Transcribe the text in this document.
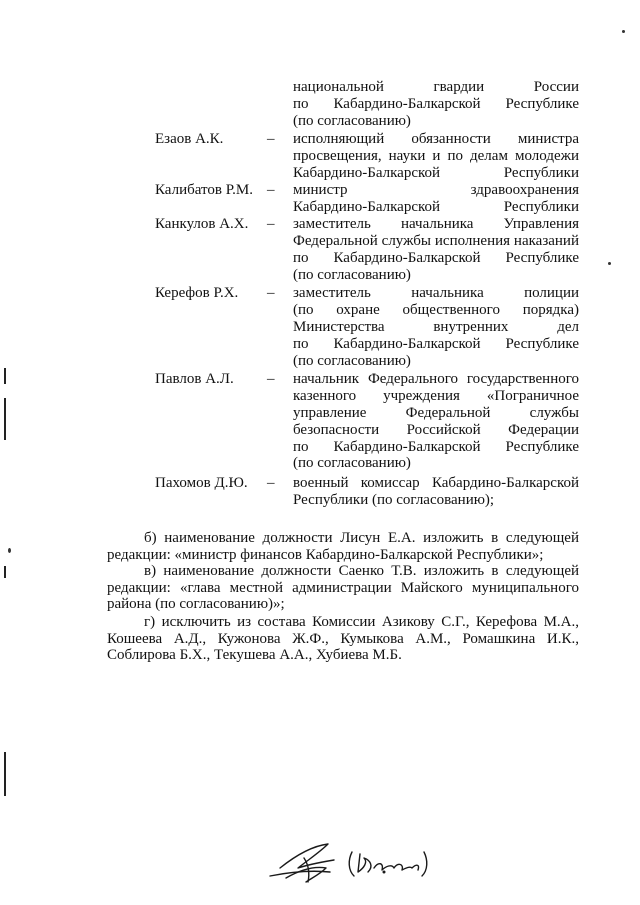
национальной гвардии России
по Кабардино-Балкарской Республике
(по согласованию)
Езаов А.К.	– исполняющий обязанности министра
просвещения, науки и по делам молодежи
Кабардино-Балкарской Республики
Калибатов Р.М. – министр здравоохранения
Кабардино-Балкарской Республики
Канкулов А.Х. – заместитель начальника Управления
Федеральной службы исполнения наказаний
по Кабардино-Балкарской Республике
(по согласованию)
Керефов Р.Х. – заместитель начальника полиции
(по охране общественного порядка)
Министерства внутренних дел
по Кабардино-Балкарской Республике
(по согласованию)
Павлов А.Л. – начальник Федерального государственного
казенного учреждения «Пограничное
управление Федеральной службы
безопасности Российской Федерации
по Кабардино-Балкарской Республике
(по согласованию)
Пахомов Д.Ю. – военный комиссар Кабардино-Балкарской
Республики (по согласованию);
б) наименование должности Лисун Е.А. изложить в следующей
редакции: «министр финансов Кабардино-Балкарской Республики»;
в) наименование должности Саенко Т.В. изложить в следующей
редакции: «глава местной администрации Майского муниципального
района (по согласованию)»;
г) исключить из состава Комиссии Азикову С.Г., Керефова М.А.,
Кошеева А.Д., Кужонова Ж.Ф., Кумыкова А.М., Ромашкина И.К.,
Соблирова Б.Х., Текушева А.А., Хубиева М.Б.
